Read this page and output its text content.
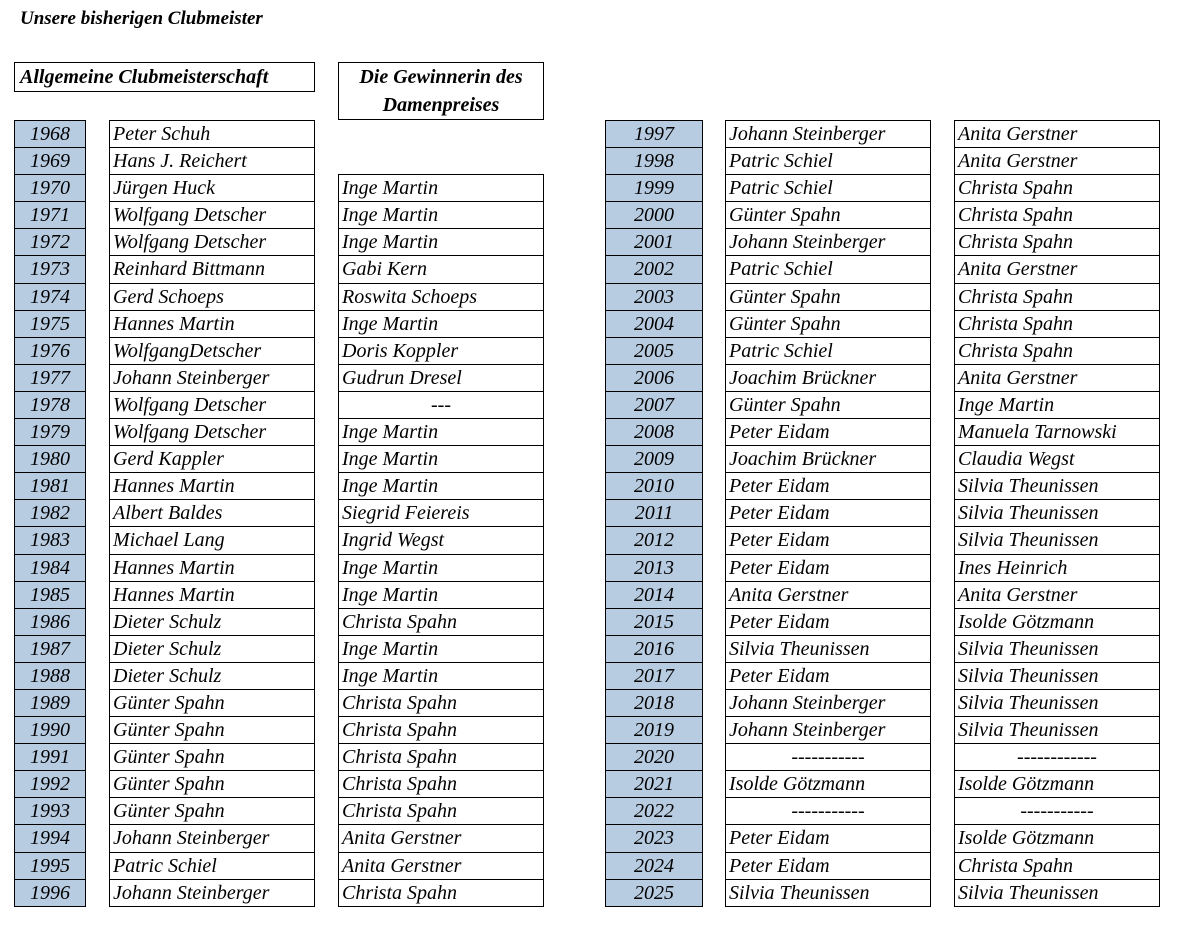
Unsere bisherigen Clubmeister
Allgemeine Clubmeisterschaft	Die Gewinnerin des
Damenpreises
1968
1969
1970
1971
1972
1973
1974
1975
1976
1977
1978
1979
1980
1981
1982
1983
1984
1985
1986
1987
1988
1989
1990
1991
1992
1993
1994
1995
1996
Peter Schuh
Hans J. Reichert
Jürgen Huck
Wolfgang Detscher
Wolfgang Detscher
Reinhard Bittmann
Gerd Schoeps
Hannes Martin
WolfgangDetscher
Johann Steinberger
Wolfgang Detscher
Wolfgang Detscher
Gerd Kappler
Hannes Martin
Albert Baldes
Michael Lang
Hannes Martin
Hannes Martin
Dieter Schulz
Dieter Schulz
Dieter Schulz
Günter Spahn
Günter Spahn
Günter Spahn
Günter Spahn
Günter Spahn
Johann Steinberger
Patric Schiel
Johann Steinberger
Inge Martin
Inge Martin
Inge Martin
Gabi Kern
Roswita Schoeps
Inge Martin
Doris Koppler
Gudrun Dresel
---
Inge Martin
Inge Martin
Inge Martin
Siegrid Feiereis
Ingrid Wegst
Inge Martin
Inge Martin
Christa Spahn
Inge Martin
Inge Martin
Christa Spahn
Christa Spahn
Christa Spahn
Christa Spahn
Christa Spahn
Anita Gerstner
Anita Gerstner
Christa Spahn
1997
1998
1999
2000
2001
2002
2003
2004
2005
2006
2007
2008
2009
2010
2011
2012
2013
2014
2015
2016
2017
2018
2019
2020
2021
2022
2023
2024
2025
Johann Steinberger
Patric Schiel
Patric Schiel
Günter Spahn
Johann Steinberger
Patric Schiel
Günter Spahn
Günter Spahn
Patric Schiel
Joachim Brückner
Günter Spahn
Peter Eidam
Joachim Brückner
Peter Eidam
Peter Eidam
Peter Eidam
Peter Eidam
Anita Gerstner
Peter Eidam
Silvia Theunissen
Peter Eidam
Johann Steinberger
Johann Steinberger
-----------
Isolde Götzmann
-----------
Peter Eidam
Peter Eidam
Silvia Theunissen
Anita Gerstner
Anita Gerstner
Christa Spahn
Christa Spahn
Christa Spahn
Anita Gerstner
Christa Spahn
Christa Spahn
Christa Spahn
Anita Gerstner
Inge Martin
Manuela Tarnowski
Claudia Wegst
Silvia Theunissen
Silvia Theunissen
Silvia Theunissen
Ines Heinrich
Anita Gerstner
Isolde Götzmann
Silvia Theunissen
Silvia Theunissen
Silvia Theunissen
Silvia Theunissen
------------
Isolde Götzmann
-----------
Isolde Götzmann
Christa Spahn
Silvia Theunissen
